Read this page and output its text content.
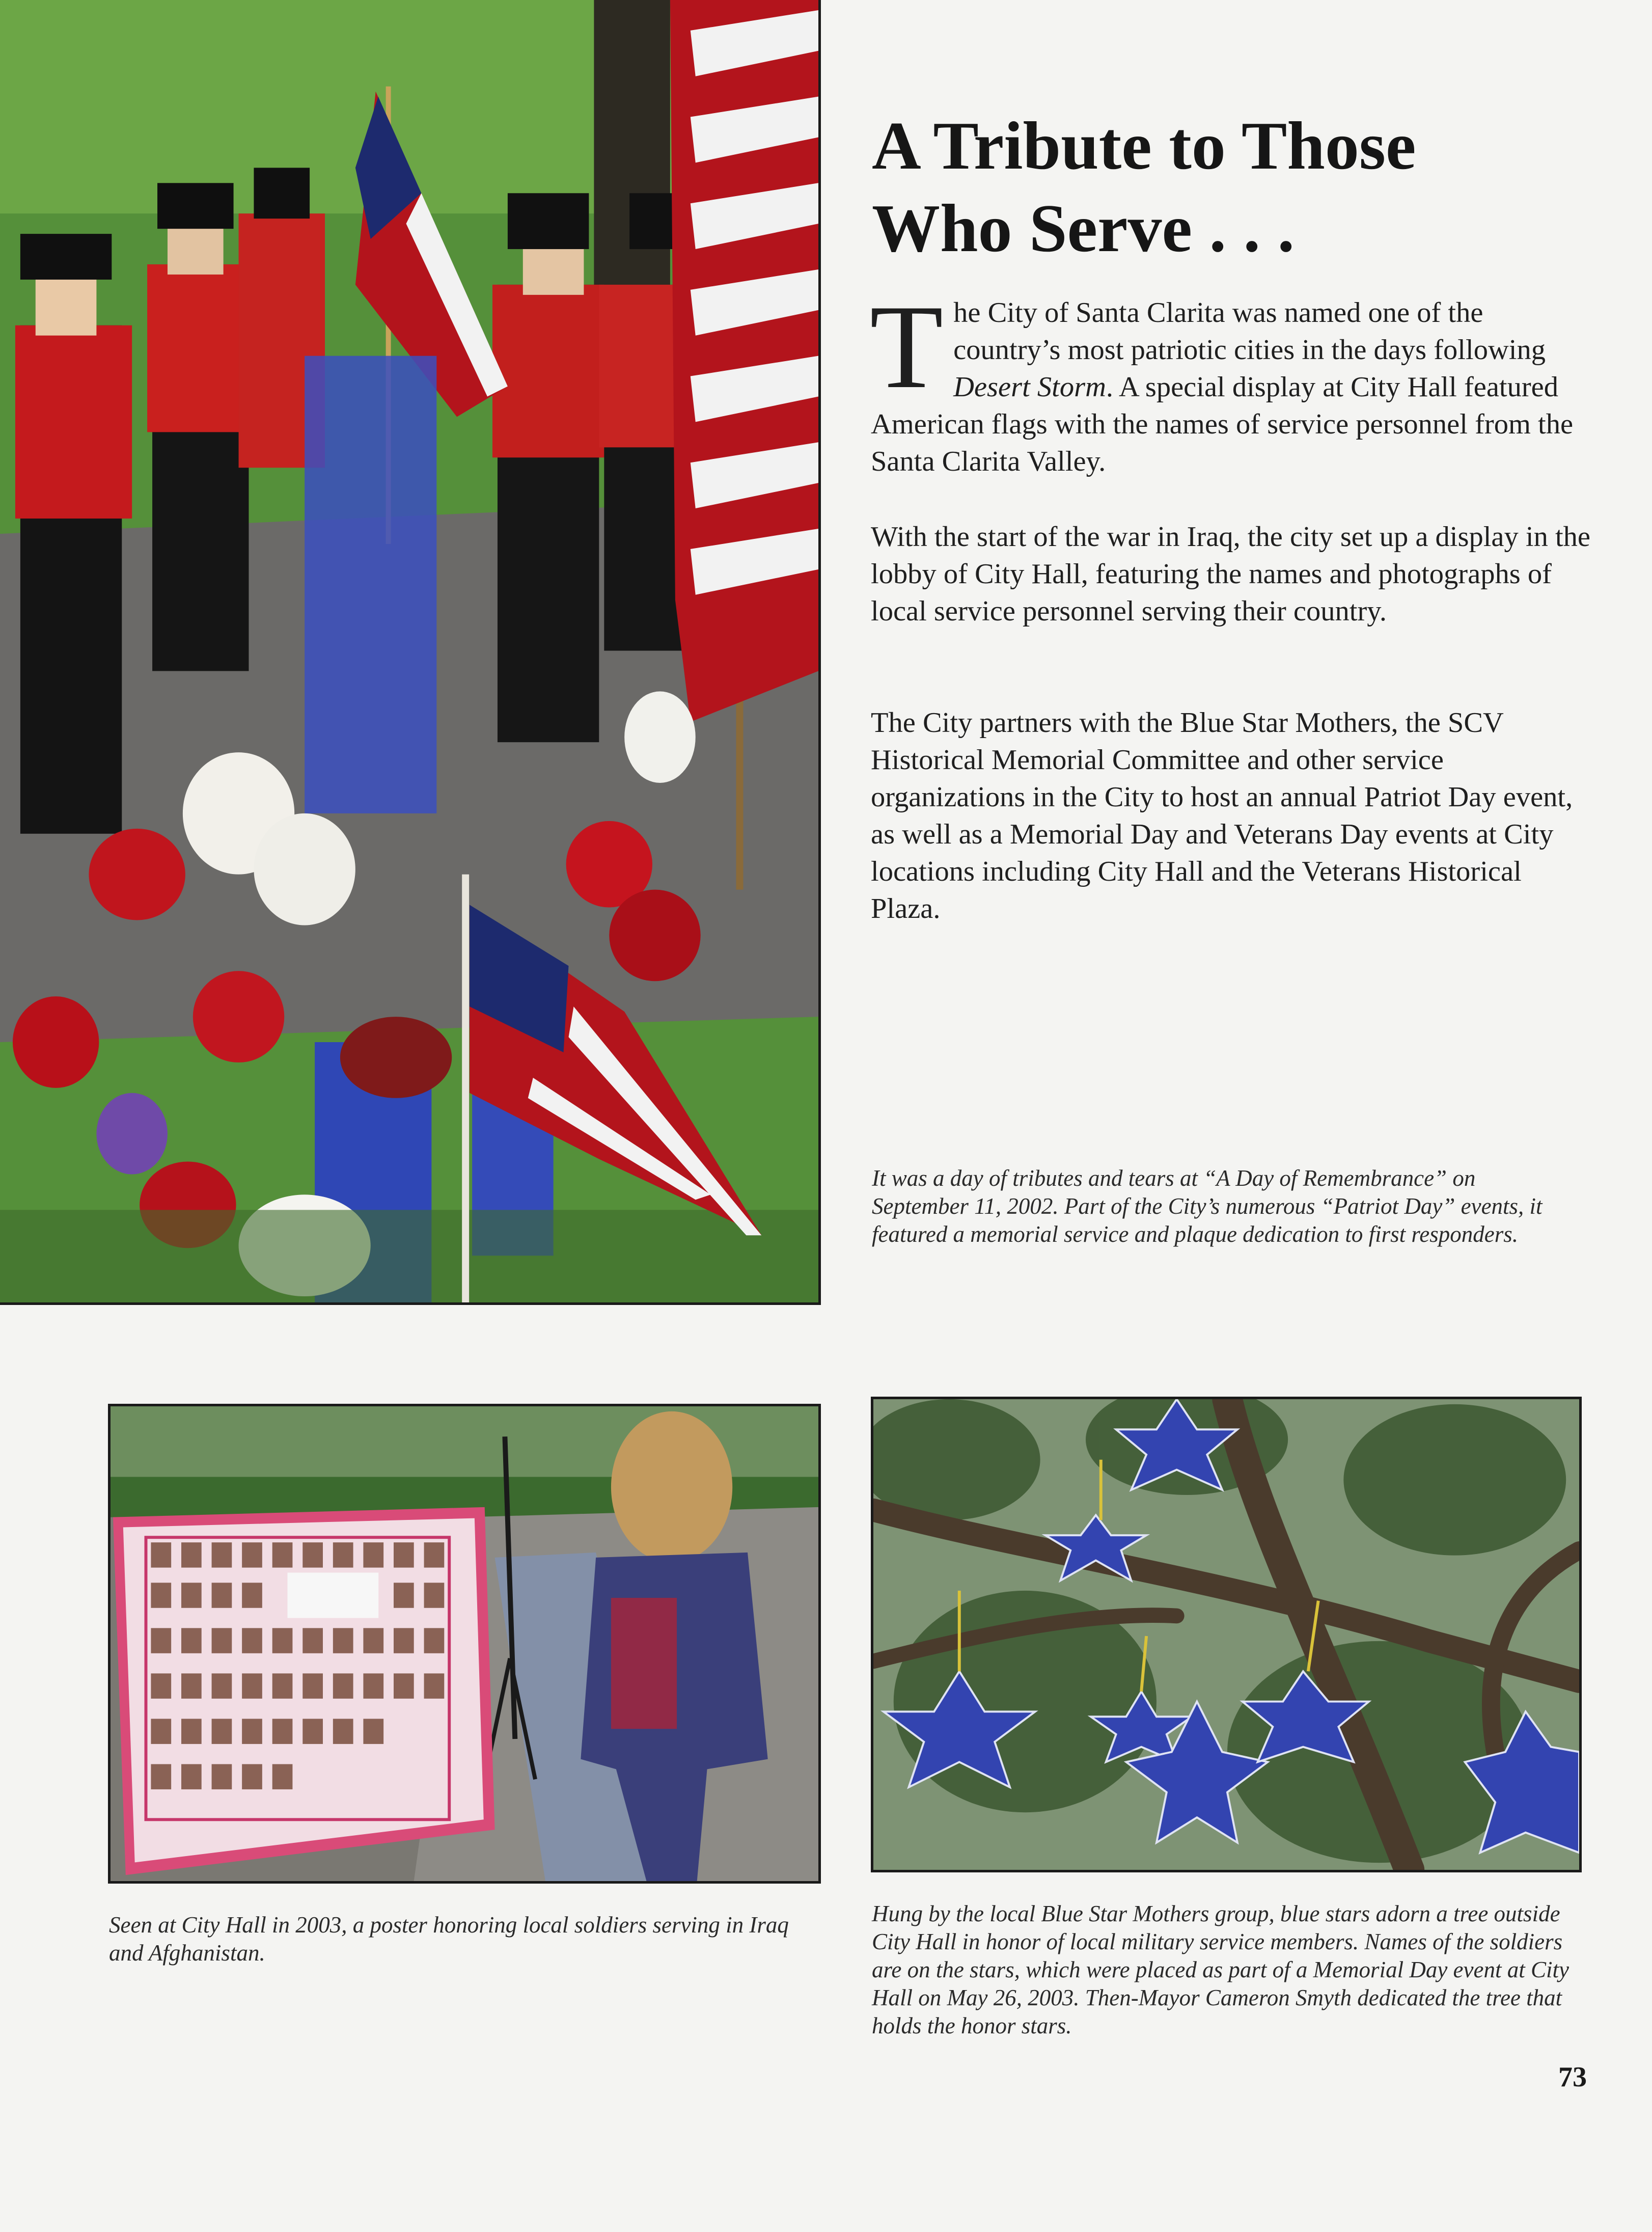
A Tribute to Those
Who Serve . . .

The City of Santa Clarita was named one of the country’s most patriotic cities in the days following Desert Storm. A special display at City Hall featured American flags with the names of service personnel from the Santa Clarita Valley.

With the start of the war in Iraq, the city set up a display in the lobby of City Hall, featuring the names and photographs of local service personnel serving their country.

The City partners with the Blue Star Mothers, the SCV Historical Memorial Committee and other service organizations in the City to host an annual Patriot Day event, as well as a Memorial Day and Veterans Day events at City locations including City Hall and the Veterans Historical Plaza.

It was a day of tributes and tears at “A Day of Remembrance” on September 11, 2002. Part of the City’s numerous “Patriot Day” events, it featured a memorial service and plaque dedication to first responders.

Seen at City Hall in 2003, a poster honoring local soldiers serving in Iraq and Afghanistan.

Hung by the local Blue Star Mothers group, blue stars adorn a tree outside City Hall in honor of local military service members. Names of the soldiers are on the stars, which were placed as part of a Memorial Day event at City Hall on May 26, 2003. Then-Mayor Cameron Smyth dedicated the tree that holds the honor stars.

73
